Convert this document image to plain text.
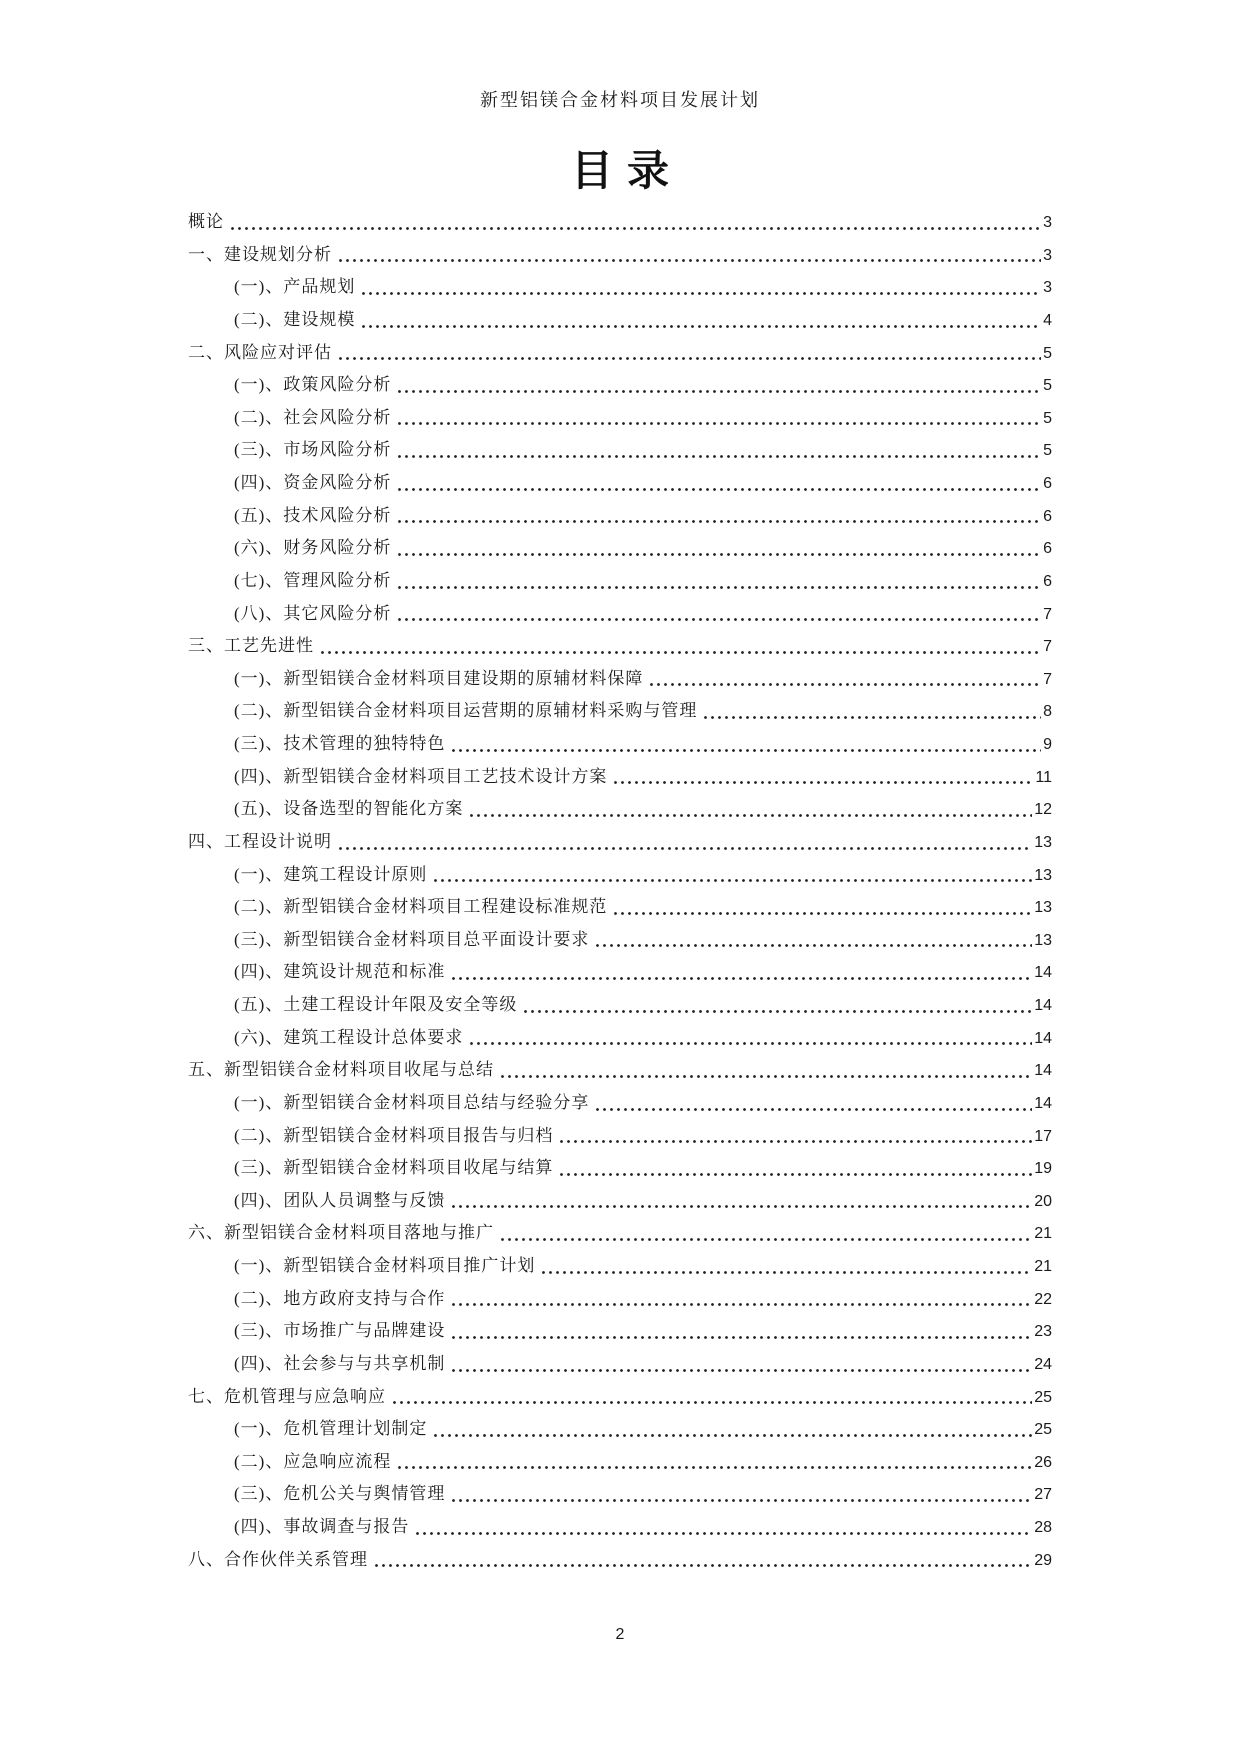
新型铝镁合金材料项目发展计划
目录
概论	3
一、建设规划分析	3
(一)、产品规划	3
(二)、建设规模	4
二、风险应对评估	5
(一)、政策风险分析	5
(二)、社会风险分析	5
(三)、市场风险分析	5
(四)、资金风险分析	6
(五)、技术风险分析	6
(六)、财务风险分析	6
(七)、管理风险分析	6
(八)、其它风险分析	7
三、工艺先进性	7
(一)、新型铝镁合金材料项目建设期的原辅材料保障	7
(二)、新型铝镁合金材料项目运营期的原辅材料采购与管理	8
(三)、技术管理的独特特色	9
(四)、新型铝镁合金材料项目工艺技术设计方案	11
(五)、设备选型的智能化方案	12
四、工程设计说明	13
(一)、建筑工程设计原则	13
(二)、新型铝镁合金材料项目工程建设标准规范	13
(三)、新型铝镁合金材料项目总平面设计要求	13
(四)、建筑设计规范和标准	14
(五)、土建工程设计年限及安全等级	14
(六)、建筑工程设计总体要求	14
五、新型铝镁合金材料项目收尾与总结	14
(一)、新型铝镁合金材料项目总结与经验分享	14
(二)、新型铝镁合金材料项目报告与归档	17
(三)、新型铝镁合金材料项目收尾与结算	19
(四)、团队人员调整与反馈	20
六、新型铝镁合金材料项目落地与推广	21
(一)、新型铝镁合金材料项目推广计划	21
(二)、地方政府支持与合作	22
(三)、市场推广与品牌建设	23
(四)、社会参与与共享机制	24
七、危机管理与应急响应	25
(一)、危机管理计划制定	25
(二)、应急响应流程	26
(三)、危机公关与舆情管理	27
(四)、事故调查与报告	28
八、合作伙伴关系管理	29
2
